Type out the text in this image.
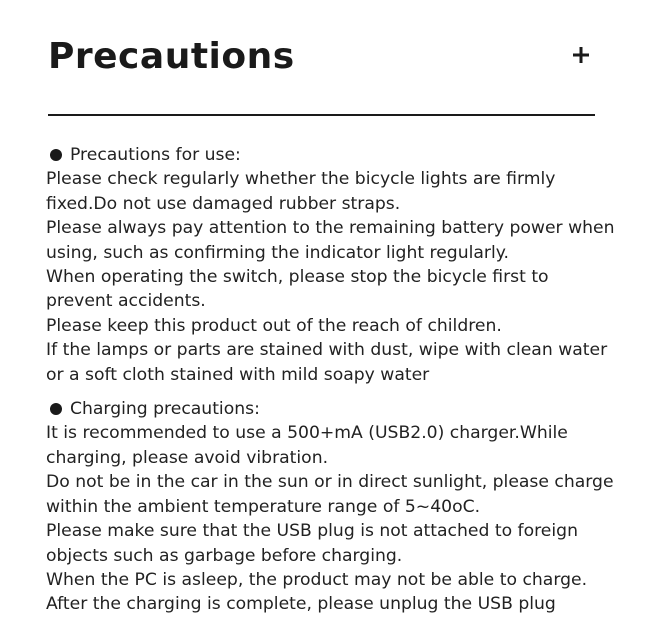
Precautions
Precautions for use:

Please check regularly whether the bicycle lights are firmly fixed.Do not use damaged rubber straps.

Please always pay attention to the remaining battery power when using, such as confirming the indicator light regularly.

When operating the switch, please stop the bicycle first to prevent accidents.

Please keep this product out of the reach of children.

If the lamps or parts are stained with dust, wipe with clean water or a soft cloth stained with mild soapy water

Charging precautions:

It is recommended to use a 500+mA (USB2.0) charger.While charging, please avoid vibration.

Do not be in the car in the sun or in direct sunlight, please charge within the ambient temperature range of 5~40oC.

Please make sure that the USB plug is not attached to foreign objects such as garbage before charging.

When the PC is asleep, the product may not be able to charge.

After the charging is complete, please unplug the USB plug
